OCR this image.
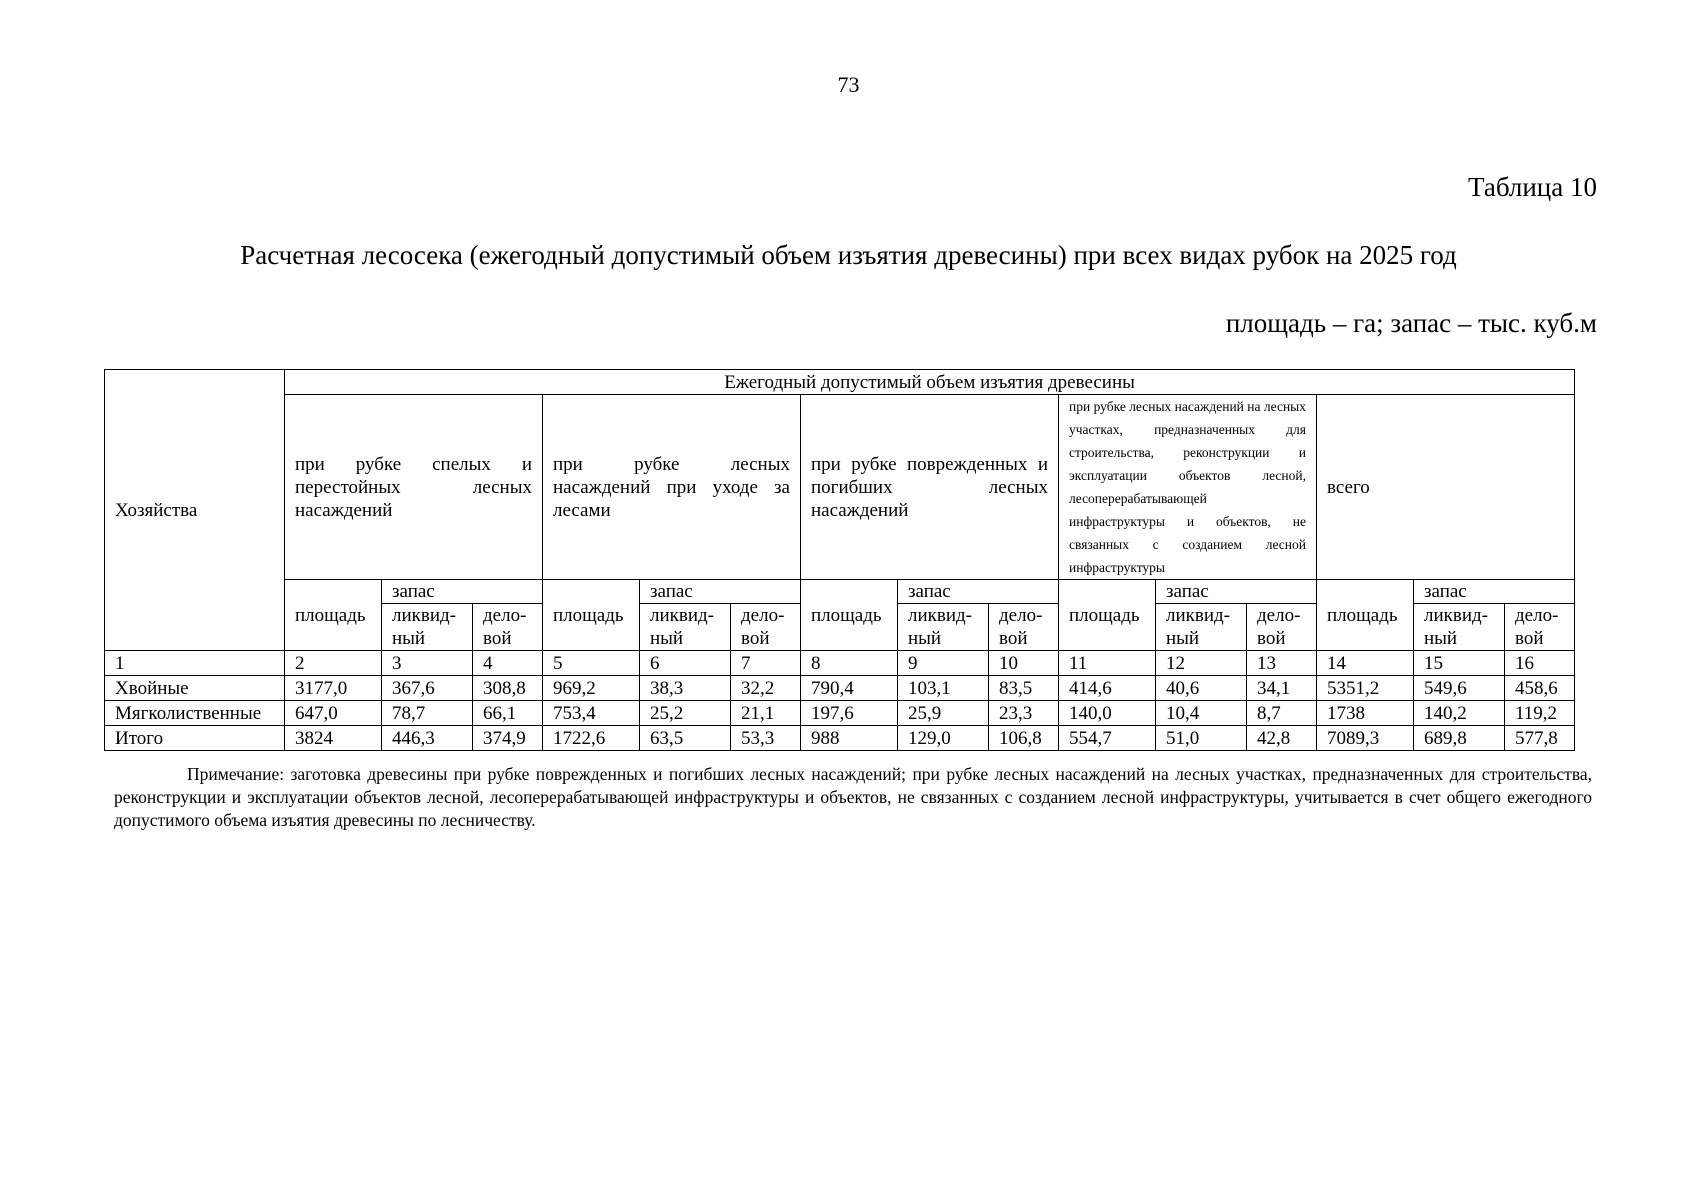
73
Таблица 10
Расчетная лесосека (ежегодный допустимый объем изъятия древесины) при всех видах рубок на 2025 год
площадь – га; запас – тыс. куб.м
Хозяйства	Ежегодный допустимый объем изъятия древесины														
	при рубке спелых и перестойных лесных насаждений			при рубке лесных насаждений при уходе за лесами			при рубке поврежденных и погибших лесных насаждений			при рубке лесных насаждений на лесных участках, предназначенных для строительства, реконструкции и эксплуатации объектов лесной, лесоперерабатывающей инфраструктуры и объектов, не связанных с созданием лесной инфраструктуры			всего		
	площадь	запас		площадь	запас		площадь	запас		площадь	запас		площадь	запас	
		ликвид-ный	дело-вой		ликвид-ный	дело-вой		ликвид-ный	дело-вой		ликвид-ный	дело-вой		ликвид-ный	дело-вой
1	2	3	4	5	6	7	8	9	10	11	12	13	14	15	16
Хвойные	3177,0	367,6	308,8	969,2	38,3	32,2	790,4	103,1	83,5	414,6	40,6	34,1	5351,2	549,6	458,6
Мягколиственные	647,0	78,7	66,1	753,4	25,2	21,1	197,6	25,9	23,3	140,0	10,4	8,7	1738	140,2	119,2
Итого	3824	446,3	374,9	1722,6	63,5	53,3	988	129,0	106,8	554,7	51,0	42,8	7089,3	689,8	577,8
Примечание: заготовка древесины при рубке поврежденных и погибших лесных насаждений; при рубке лесных насаждений на лесных участках, предназначенных для строительства, реконструкции и эксплуатации объектов лесной, лесоперерабатывающей инфраструктуры и объектов, не связанных с созданием лесной инфраструктуры, учитывается в счет общего ежегодного допустимого объема изъятия древесины по лесничеству.
